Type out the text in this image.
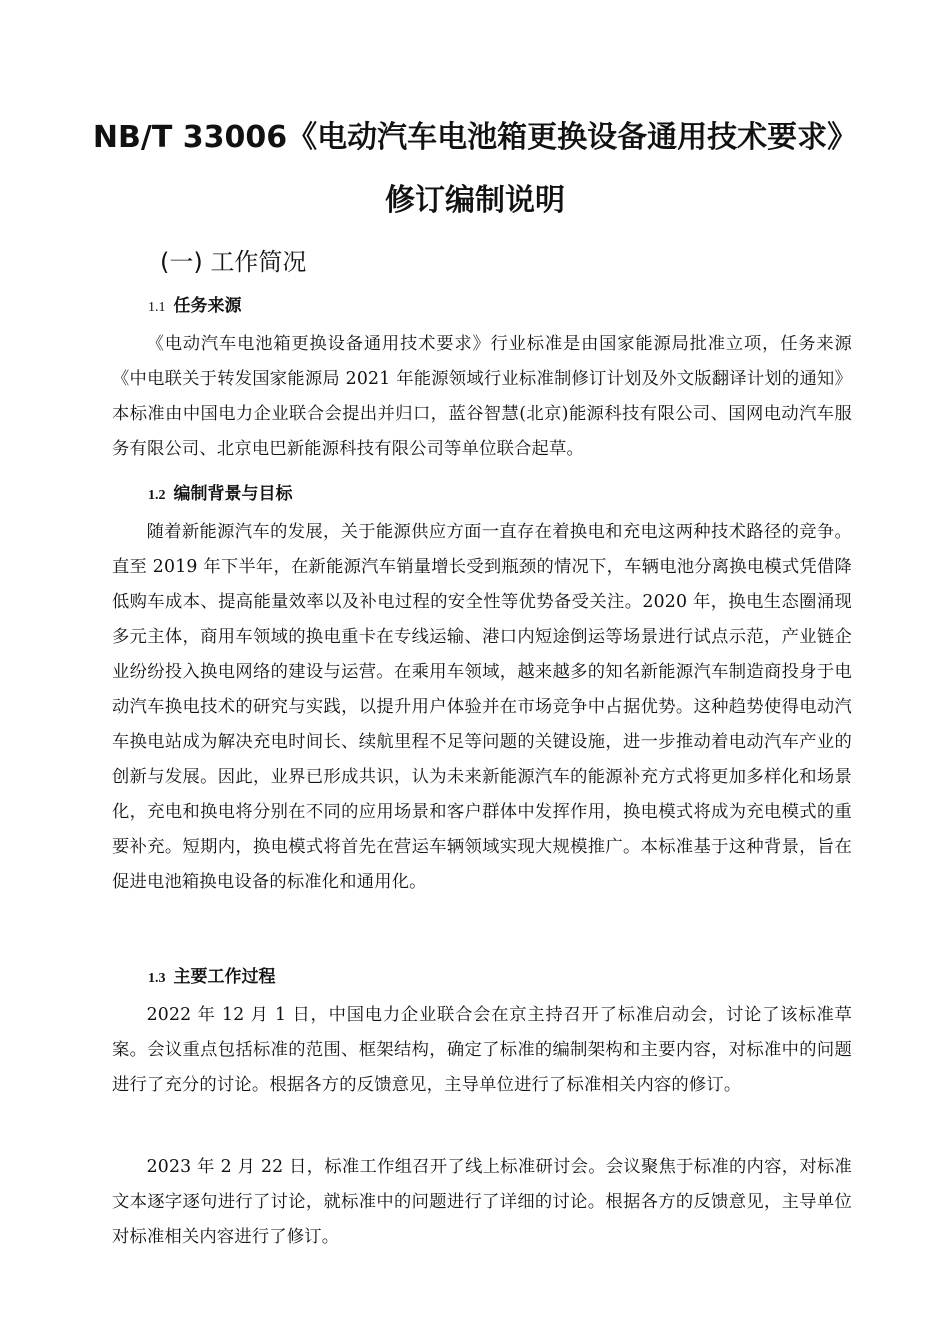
NB/T 33006《电动汽车电池箱更换设备通用技术要求》
修订编制说明
(一) 工作简况
1.1 任务来源

《电动汽车电池箱更换设备通用技术要求》行业标准是由国家能源局批准立项，任务来源《中电联关于转发国家能源局 2021 年能源领域行业标准制修订计划及外文版翻译计划的通知》本标准由中国电力企业联合会提出并归口，蓝谷智慧(北京)能源科技有限公司、国网电动汽车服务有限公司、北京电巴新能源科技有限公司等单位联合起草。

1.2 编制背景与目标

随着新能源汽车的发展，关于能源供应方面一直存在着换电和充电这两种技术路径的竞争。直至 2019 年下半年，在新能源汽车销量增长受到瓶颈的情况下，车辆电池分离换电模式凭借降低购车成本、提高能量效率以及补电过程的安全性等优势备受关注。2020 年，换电生态圈涌现多元主体，商用车领域的换电重卡在专线运输、港口内短途倒运等场景进行试点示范，产业链企业纷纷投入换电网络的建设与运营。在乘用车领域，越来越多的知名新能源汽车制造商投身于电动汽车换电技术的研究与实践，以提升用户体验并在市场竞争中占据优势。这种趋势使得电动汽车换电站成为解决充电时间长、续航里程不足等问题的关键设施，进一步推动着电动汽车产业的创新与发展。因此，业界已形成共识，认为未来新能源汽车的能源补充方式将更加多样化和场景化，充电和换电将分别在不同的应用场景和客户群体中发挥作用，换电模式将成为充电模式的重要补充。短期内，换电模式将首先在营运车辆领域实现大规模推广。本标准基于这种背景，旨在促进电池箱换电设备的标准化和通用化。

1.3 主要工作过程

2022 年 12 月 1 日，中国电力企业联合会在京主持召开了标准启动会，讨论了该标准草案。会议重点包括标准的范围、框架结构，确定了标准的编制架构和主要内容，对标准中的问题进行了充分的讨论。根据各方的反馈意见，主导单位进行了标准相关内容的修订。

2023 年 2 月 22 日，标准工作组召开了线上标准研讨会。会议聚焦于标准的内容，对标准文本逐字逐句进行了讨论，就标准中的问题进行了详细的讨论。根据各方的反馈意见，主导单位对标准相关内容进行了修订。
